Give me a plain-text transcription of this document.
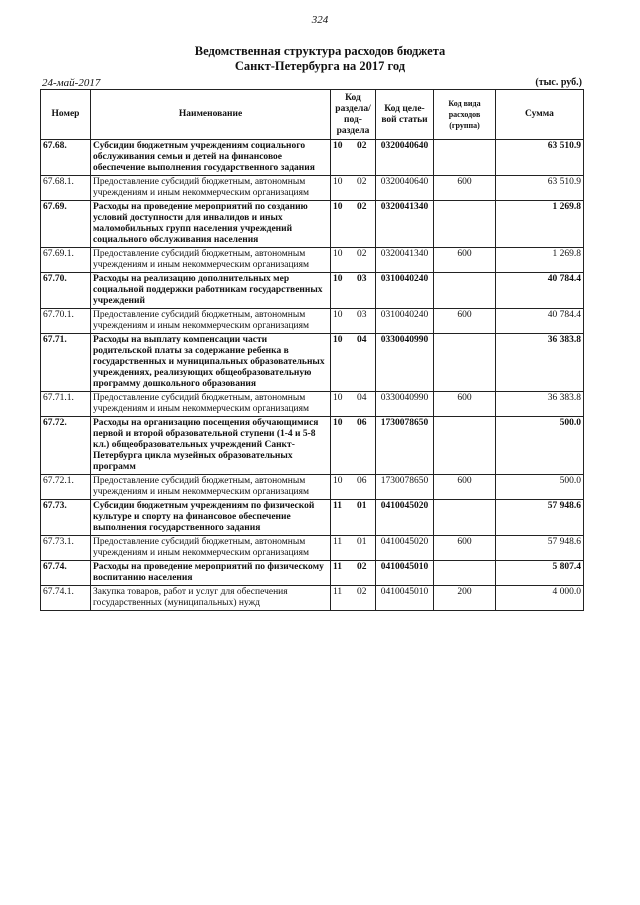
324
Ведомственная структура расходов бюджета
Санкт-Петербурга на 2017 год
24-май-2017	(тыс. руб.)
Номер	Наименование	Код раздела/ под- раздела	Код целе- вой статьи	Код вида расходов (группа)	Сумма
67.68.	Субсидии бюджетным учреждениям социального обслуживания семьи и детей на финансовое обеспечение выполнения государственного задания	10 02	0320040640		63 510.9
67.68.1.	Предоставление субсидий бюджетным, автономным учреждениям и иным некоммерческим организациям	10 02	0320040640	600	63 510.9
67.69.	Расходы на проведение мероприятий по созданию условий доступности для инвалидов и иных маломобильных групп населения учреждений социального обслуживания населения	10 02	0320041340		1 269.8
67.69.1.	Предоставление субсидий бюджетным, автономным учреждениям и иным некоммерческим организациям	10 02	0320041340	600	1 269.8
67.70.	Расходы на реализацию дополнительных мер социальной поддержки работникам государственных учреждений	10 03	0310040240		40 784.4
67.70.1.	Предоставление субсидий бюджетным, автономным учреждениям и иным некоммерческим организациям	10 03	0310040240	600	40 784.4
67.71.	Расходы на выплату компенсации части родительской платы за содержание ребенка в государственных и муниципальных образовательных учреждениях, реализующих общеобразовательную программу дошкольного образования	10 04	0330040990		36 383.8
67.71.1.	Предоставление субсидий бюджетным, автономным учреждениям и иным некоммерческим организациям	10 04	0330040990	600	36 383.8
67.72.	Расходы на организацию посещения обучающимися первой и второй образовательной ступени (1-4 и 5-8 кл.) общеобразовательных учреждений Санкт-Петербурга цикла музейных образовательных программ	10 06	1730078650		500.0
67.72.1.	Предоставление субсидий бюджетным, автономным учреждениям и иным некоммерческим организациям	10 06	1730078650	600	500.0
67.73.	Субсидии бюджетным учреждениям по физической культуре и спорту на финансовое обеспечение выполнения государственного задания	11 01	0410045020		57 948.6
67.73.1.	Предоставление субсидий бюджетным, автономным учреждениям и иным некоммерческим организациям	11 01	0410045020	600	57 948.6
67.74.	Расходы на проведение мероприятий по физическому воспитанию населения	11 02	0410045010		5 807.4
67.74.1.	Закупка товаров, работ и услуг для обеспечения государственных (муниципальных) нужд	11 02	0410045010	200	4 000.0
